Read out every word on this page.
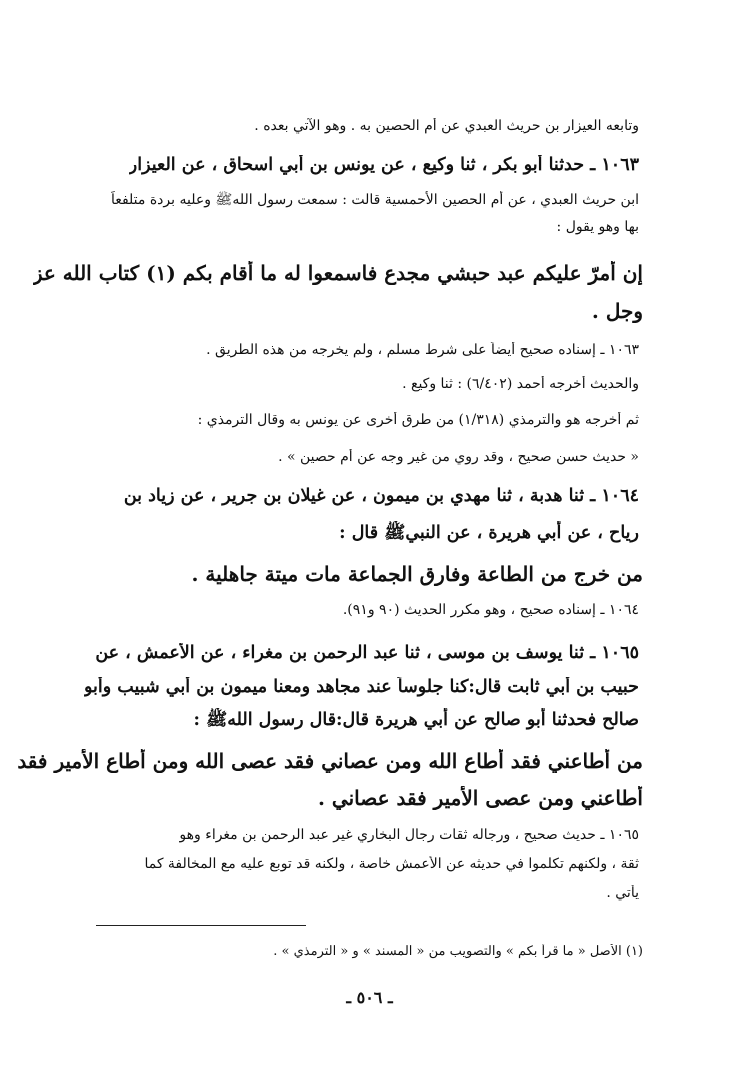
وتابعه العيزار بن حريث العبدي عن أم الحصين به . وهو الآتي بعده .
١٠٦٣ ـ حدثنا أبو بكر ، ثنا وكيع ، عن يونس بن أبي اسحاق ، عن العيزار
ابن حريث العبدي ، عن أم الحصين الأحمسية قالت : سمعت رسول اللهﷺ وعليه بردة متلفعاً
بها وهو يقول :
إن أمرّ عليكم عبد حبشي مجدع فاسمعوا له ما أقام بكم (١) كتاب الله عز
وجل .
١٠٦٣ ـ إسناده صحيح أيضاً على شرط مسلم ، ولم يخرجه من هذه الطريق .
والحديث أخرجه أحمد (٦/٤٠٢) : ثنا وكيع .
ثم أخرجه هو والترمذي (١/٣١٨) من طرق أخرى عن يونس به وقال الترمذي :
« حديث حسن صحيح ، وقد روي من غير وجه عن أم حصين » .
١٠٦٤ ـ ثنا هدبة ، ثنا مهدي بن ميمون ، عن غيلان بن جرير ، عن زياد بن
رياح ، عن أبي هريرة ، عن النبيﷺ قال :
من خرج من الطاعة وفارق الجماعة مات ميتة جاهلية .
١٠٦٤ ـ إسناده صحيح ، وهو مكرر الحديث (٩٠ و٩١).
١٠٦٥ ـ ثنا يوسف بن موسى ، ثنا عبد الرحمن بن مغراء ، عن الأعمش ، عن
حبيب بن أبي ثابت قال:كنا جلوساً عند مجاهد ومعنا ميمون بن أبي شبيب وأبو
صالح فحدثنا أبو صالح عن أبي هريرة قال:قال رسول اللهﷺ :
من أطاعني فقد أطاع الله ومن عصاني فقد عصى الله ومن أطاع الأمير فقد
أطاعني ومن عصى الأمير فقد عصاني .
١٠٦٥ ـ حديث صحيح ، ورجاله ثقات رجال البخاري غير عبد الرحمن بن مغراء وهو
ثقة ، ولكنهم تكلموا في حديثه عن الأعمش خاصة ، ولكنه قد توبع عليه مع المخالفة كما
يأتي .
(١) الأصل « ما قرأ بكم » والتصويب من « المسند » و « الترمذي » .
ـ ٥٠٦ ـ
